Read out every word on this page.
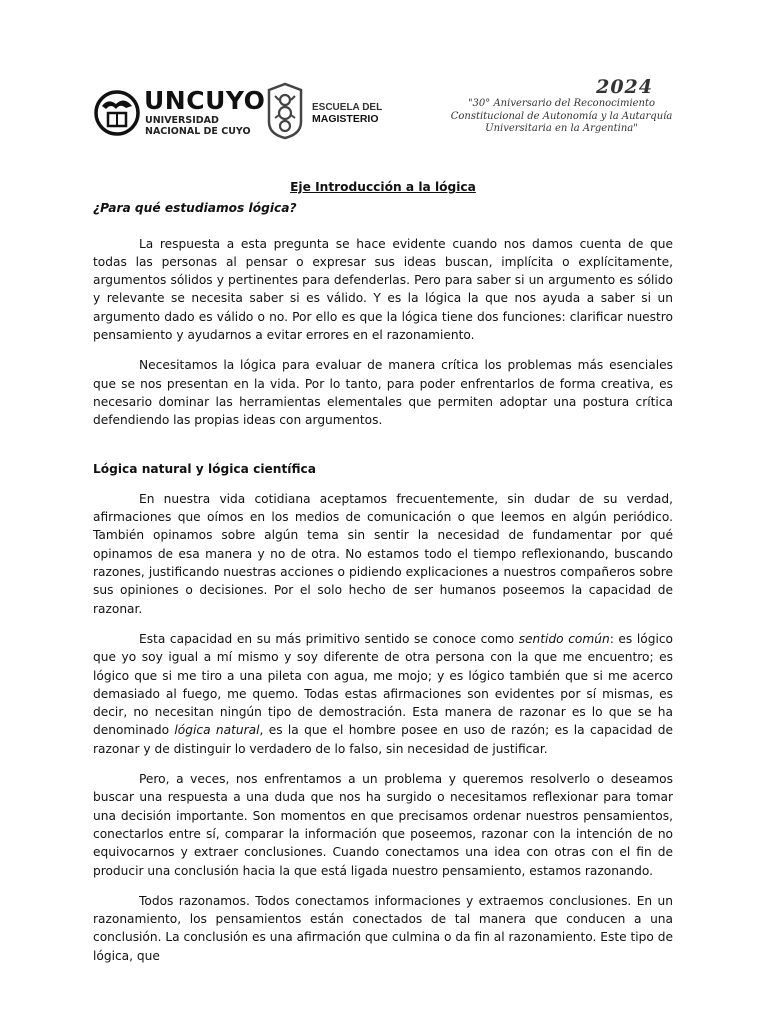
UNCUYO
UNIVERSIDAD
NACIONAL DE CUYO
ESCUELA DEL
MAGISTERIO
2024
"30° Aniversario del Reconocimiento
Constitucional de Autonomía y la Autarquía
Universitaria en la Argentina"
Eje Introducción a la lógica
¿Para qué estudiamos lógica?

La respuesta a esta pregunta se hace evidente cuando nos damos cuenta de que todas las personas al pensar o expresar sus ideas buscan, implícita o explícitamente, argumentos sólidos y pertinentes para defenderlas. Pero para saber si un argumento es sólido y relevante se necesita saber si es válido. Y es la lógica la que nos ayuda a saber si un argumento dado es válido o no. Por ello es que la lógica tiene dos funciones: clarificar nuestro pensamiento y ayudarnos a evitar errores en el razonamiento.

Necesitamos la lógica para evaluar de manera crítica los problemas más esenciales que se nos presentan en la vida. Por lo tanto, para poder enfrentarlos de forma creativa, es necesario dominar las herramientas elementales que permiten adoptar una postura crítica defendiendo las propias ideas con argumentos.

Lógica natural y lógica científica

En nuestra vida cotidiana aceptamos frecuentemente, sin dudar de su verdad, afirmaciones que oímos en los medios de comunicación o que leemos en algún periódico. También opinamos sobre algún tema sin sentir la necesidad de fundamentar por qué opinamos de esa manera y no de otra. No estamos todo el tiempo reflexionando, buscando razones, justificando nuestras acciones o pidiendo explicaciones a nuestros compañeros sobre sus opiniones o decisiones. Por el solo hecho de ser humanos poseemos la capacidad de razonar.

Esta capacidad en su más primitivo sentido se conoce como sentido común: es lógico que yo soy igual a mí mismo y soy diferente de otra persona con la que me encuentro; es lógico que si me tiro a una pileta con agua, me mojo; y es lógico también que si me acerco demasiado al fuego, me quemo. Todas estas afirmaciones son evidentes por sí mismas, es decir, no necesitan ningún tipo de demostración. Esta manera de razonar es lo que se ha denominado lógica natural, es la que el hombre posee en uso de razón; es la capacidad de razonar y de distinguir lo verdadero de lo falso, sin necesidad de justificar.

Pero, a veces, nos enfrentamos a un problema y queremos resolverlo o deseamos buscar una respuesta a una duda que nos ha surgido o necesitamos reflexionar para tomar una decisión importante. Son momentos en que precisamos ordenar nuestros pensamientos, conectarlos entre sí, comparar la información que poseemos, razonar con la intención de no equivocarnos y extraer conclusiones. Cuando conectamos una idea con otras con el fin de producir una conclusión hacia la que está ligada nuestro pensamiento, estamos razonando.

Todos razonamos. Todos conectamos informaciones y extraemos conclusiones. En un razonamiento, los pensamientos están conectados de tal manera que conducen a una conclusión. La conclusión es una afirmación que culmina o da fin al razonamiento. Este tipo de lógica, que
